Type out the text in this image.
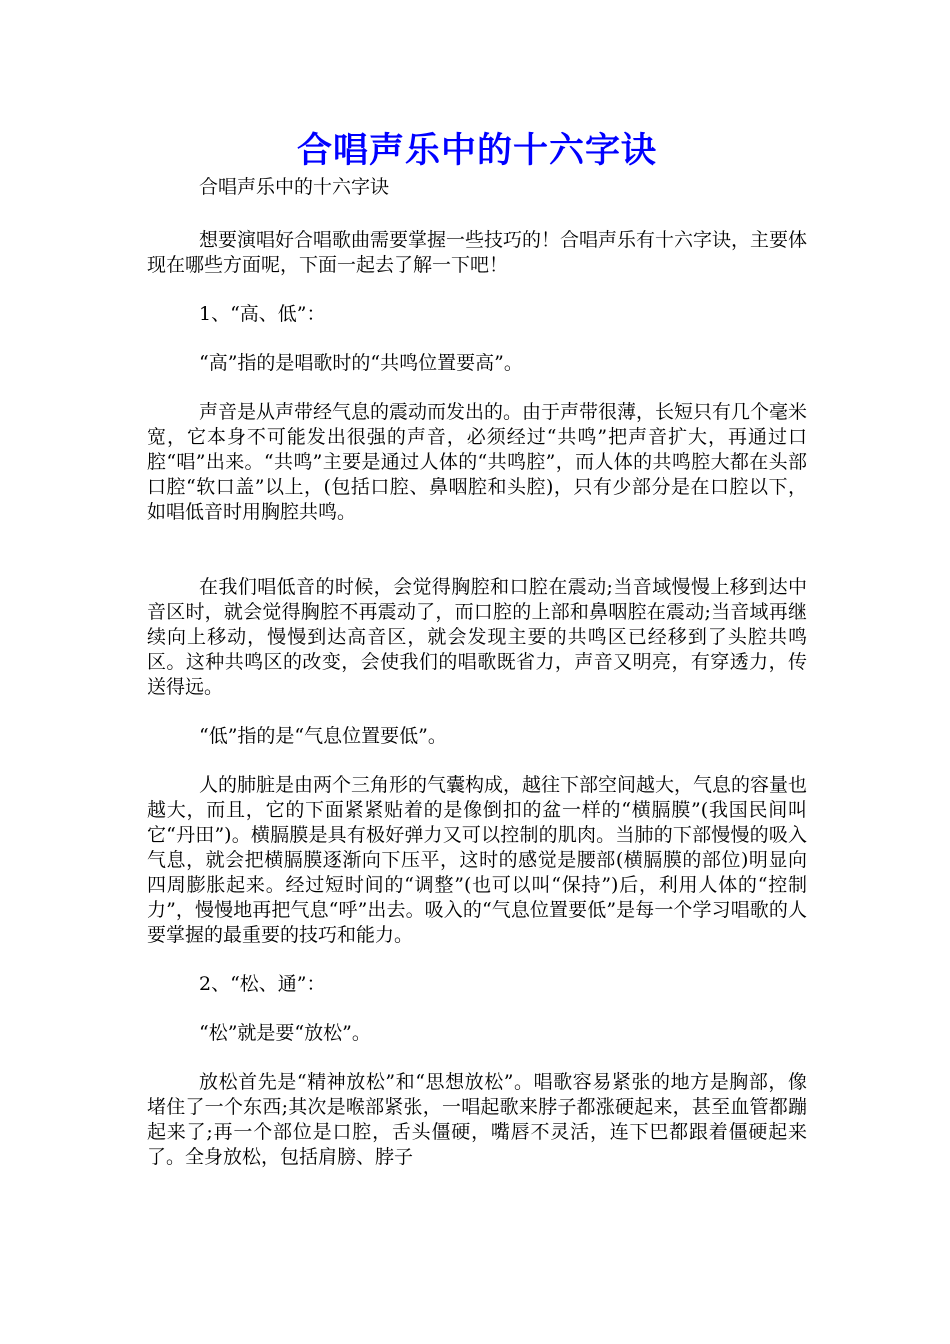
合唱声乐中的十六字诀

合唱声乐中的十六字诀

想要演唱好合唱歌曲需要掌握一些技巧的！合唱声乐有十六字诀，主要体现在哪些方面呢，下面一起去了解一下吧！

1、“高、低”：

“高”指的是唱歌时的“共鸣位置要高”。

声音是从声带经气息的震动而发出的。由于声带很薄，长短只有几个毫米宽，它本身不可能发出很强的声音，必须经过“共鸣”把声音扩大，再通过口腔“唱”出来。“共鸣”主要是通过人体的“共鸣腔”，而人体的共鸣腔大都在头部口腔“软口盖”以上，(包括口腔、鼻咽腔和头腔)，只有少部分是在口腔以下，如唱低音时用胸腔共鸣。

在我们唱低音的时候，会觉得胸腔和口腔在震动;当音域慢慢上移到达中音区时，就会觉得胸腔不再震动了，而口腔的上部和鼻咽腔在震动;当音域再继续向上移动，慢慢到达高音区，就会发现主要的共鸣区已经移到了头腔共鸣区。这种共鸣区的改变，会使我们的唱歌既省力，声音又明亮，有穿透力，传送得远。

“低”指的是“气息位置要低”。

人的肺脏是由两个三角形的气囊构成，越往下部空间越大，气息的容量也越大，而且，它的下面紧紧贴着的是像倒扣的盆一样的“横膈膜”(我国民间叫它“丹田”)。横膈膜是具有极好弹力又可以控制的肌肉。当肺的下部慢慢的吸入气息，就会把横膈膜逐渐向下压平，这时的感觉是腰部(横膈膜的部位)明显向四周膨胀起来。经过短时间的“调整”(也可以叫“保持”)后，利用人体的“控制力”，慢慢地再把气息“呼”出去。吸入的“气息位置要低”是每一个学习唱歌的人要掌握的最重要的技巧和能力。

2、“松、通”：

“松”就是要“放松”。

放松首先是“精神放松”和“思想放松”。唱歌容易紧张的地方是胸部，像堵住了一个东西;其次是喉部紧张，一唱起歌来脖子都涨硬起来，甚至血管都蹦起来了;再一个部位是口腔，舌头僵硬，嘴唇不灵活，连下巴都跟着僵硬起来了。全身放松，包括肩膀、脖子
